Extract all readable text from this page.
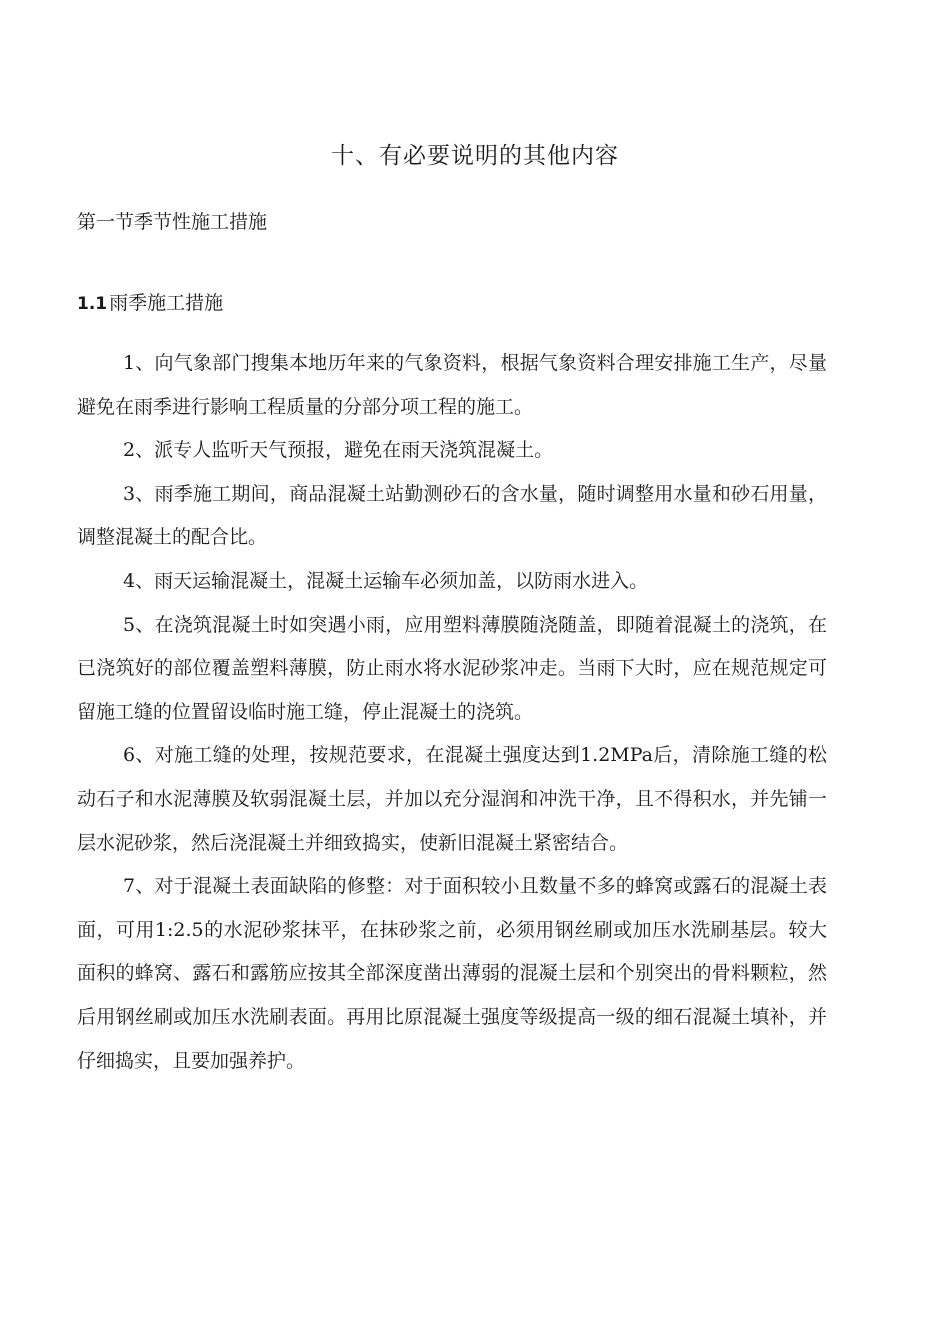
十、有必要说明的其他内容
第一节季节性施工措施
1.1 雨季施工措施

1、向气象部门搜集本地历年来的气象资料，根据气象资料合理安排施工生产，尽量避免在雨季进行影响工程质量的分部分项工程的施工。

2、派专人监听天气预报，避免在雨天浇筑混凝土。

3、雨季施工期间，商品混凝土站勤测砂石的含水量，随时调整用水量和砂石用量，调整混凝土的配合比。

4、雨天运输混凝土，混凝土运输车必须加盖，以防雨水进入。

5、在浇筑混凝土时如突遇小雨，应用塑料薄膜随浇随盖，即随着混凝土的浇筑，在已浇筑好的部位覆盖塑料薄膜，防止雨水将水泥砂浆冲走。当雨下大时，应在规范规定可留施工缝的位置留设临时施工缝，停止混凝土的浇筑。

6、对施工缝的处理，按规范要求，在混凝土强度达到1.2MPa后，清除施工缝的松动石子和水泥薄膜及软弱混凝土层，并加以充分湿润和冲洗干净，且不得积水，并先铺一层水泥砂浆，然后浇混凝土并细致捣实，使新旧混凝土紧密结合。

7、对于混凝土表面缺陷的修整：对于面积较小且数量不多的蜂窝或露石的混凝土表面，可用1:2.5的水泥砂浆抹平，在抹砂浆之前，必须用钢丝刷或加压水洗刷基层。较大面积的蜂窝、露石和露筋应按其全部深度凿出薄弱的混凝土层和个别突出的骨料颗粒，然后用钢丝刷或加压水洗刷表面。再用比原混凝土强度等级提高一级的细石混凝土填补，并仔细捣实，且要加强养护。
